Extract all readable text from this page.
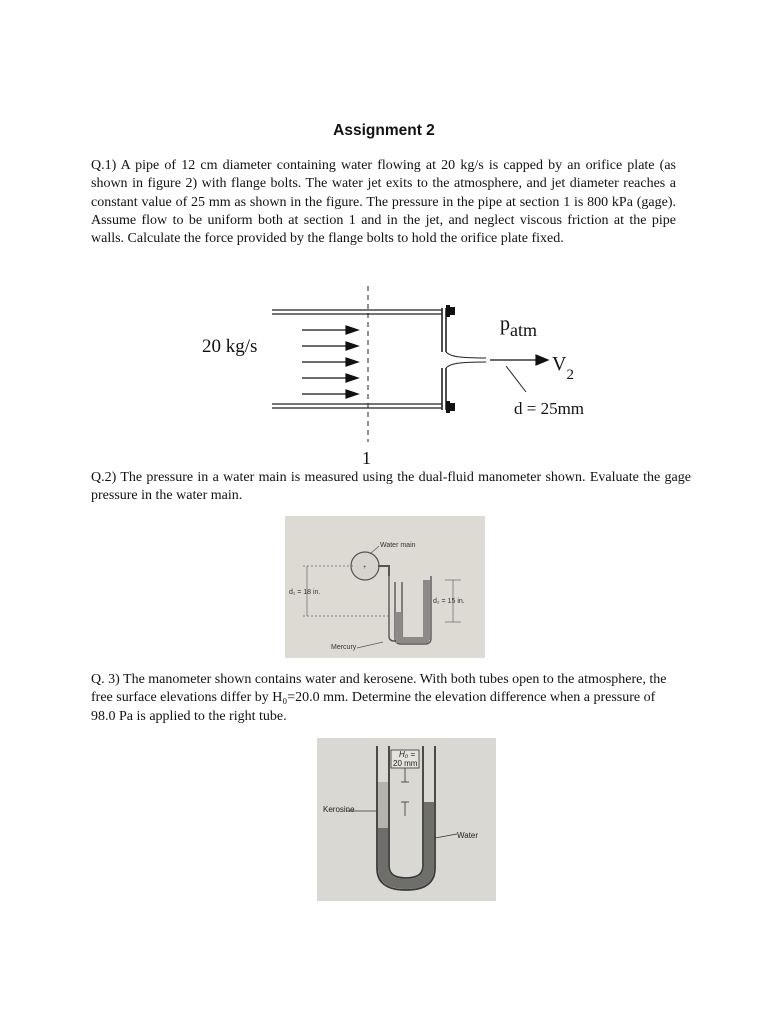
Assignment 2

Q.1) A pipe of 12 cm diameter containing water flowing at 20 kg/s is capped by an orifice plate (as shown in figure 2) with flange bolts. The water jet exits to the atmosphere, and jet diameter reaches a constant value of 25 mm as shown in the figure. The pressure in the pipe at section 1 is 800 kPa (gage). Assume flow to be uniform both at section 1 and in the jet, and neglect viscous friction at the pipe walls. Calculate the force provided by the flange bolts to hold the orifice plate fixed.

20 kg/s
patm
$V_2$
d = 25mm
1

Q.2) The pressure in a water main is measured using the dual-fluid manometer shown. Evaluate the gage pressure in the water main.

+
Water main
d₁ = 18 in.
d₂ = 15 in.
Mercury

Q. 3) The manometer shown contains water and kerosene. With both tubes open to the atmosphere, the free surface elevations differ by H₀=20.0 mm. Determine the elevation difference when a pressure of 98.0 Pa is applied to the right tube.

H₀ =
20 mm
Kerosine
Water
